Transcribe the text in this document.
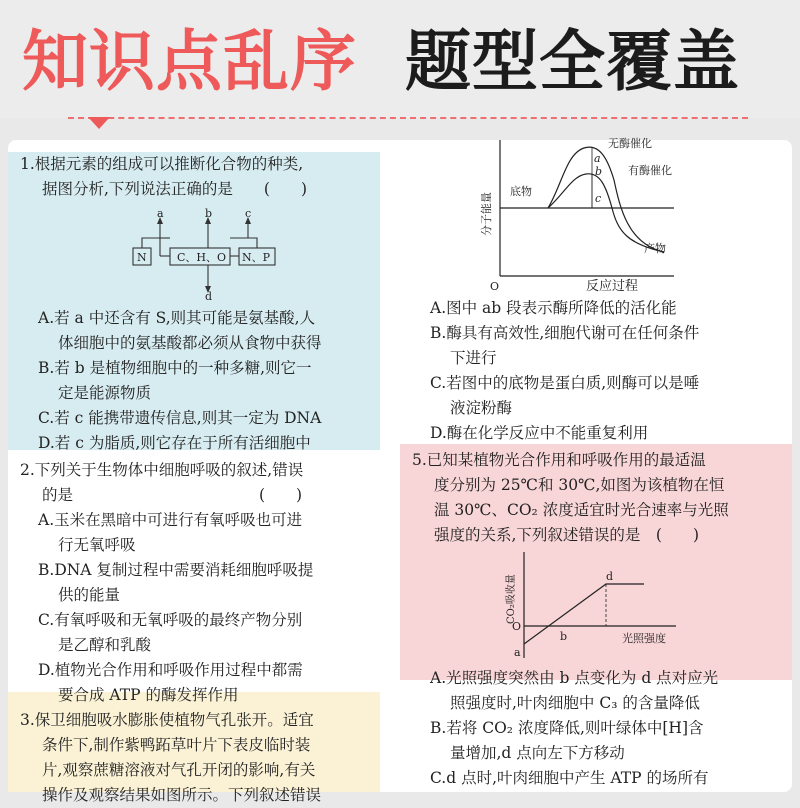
知识点乱序 题型全覆盖
1.根据元素的组成可以推断化合物的种类,
据图分析,下列说法正确的是　　(　　)
a	b	c
N	C、H、O N、P
d
A.若 a 中还含有 S,则其可能是氨基酸,人
体细胞中的氨基酸都必须从食物中获得
B.若 b 是植物细胞中的一种多糖,则它一
定是能源物质
C.若 c 能携带遗传信息,则其一定为 DNA
D.若 c 为脂质,则它存在于所有活细胞中
2.下列关于生物体中细胞呼吸的叙述,错误
的是　　　　　　　　　　　　(　　)
A.玉米在黑暗中可进行有氧呼吸也可进
行无氧呼吸
B.DNA 复制过程中需要消耗细胞呼吸提
供的能量
C.有氧呼吸和无氧呼吸的最终产物分别
是乙醇和乳酸
D.植物光合作用和呼吸作用过程中都需
要合成 ATP 的酶发挥作用
3.保卫细胞吸水膨胀使植物气孔张开。适宜
条件下,制作紫鸭跖草叶片下表皮临时装
片,观察蔗糖溶液对气孔开闭的影响,有关
操作及观察结果如图所示。下列叙述错误
O	反应过程
无酶催化
有酶催化
底物
产物
a
b
c
分子能量
A.图中 ab 段表示酶所降低的活化能
B.酶具有高效性,细胞代谢可在任何条件
下进行
C.若图中的底物是蛋白质,则酶可以是唾
液淀粉酶
D.酶在化学反应中不能重复利用
5.已知某植物光合作用和呼吸作用的最适温
度分别为 25℃和 30℃,如图为该植物在恒
温 30℃、CO₂ 浓度适宜时光合速率与光照
强度的关系,下列叙述错误的是　(　　)
O
a
b
d
光照强度
CO₂吸收量
A.光照强度突然由 b 点变化为 d 点对应光
照强度时,叶肉细胞中 C₃ 的含量降低
B.若将 CO₂ 浓度降低,则叶绿体中[H]含
量增加,d 点向左下方移动
C.d 点时,叶肉细胞中产生 ATP 的场所有
